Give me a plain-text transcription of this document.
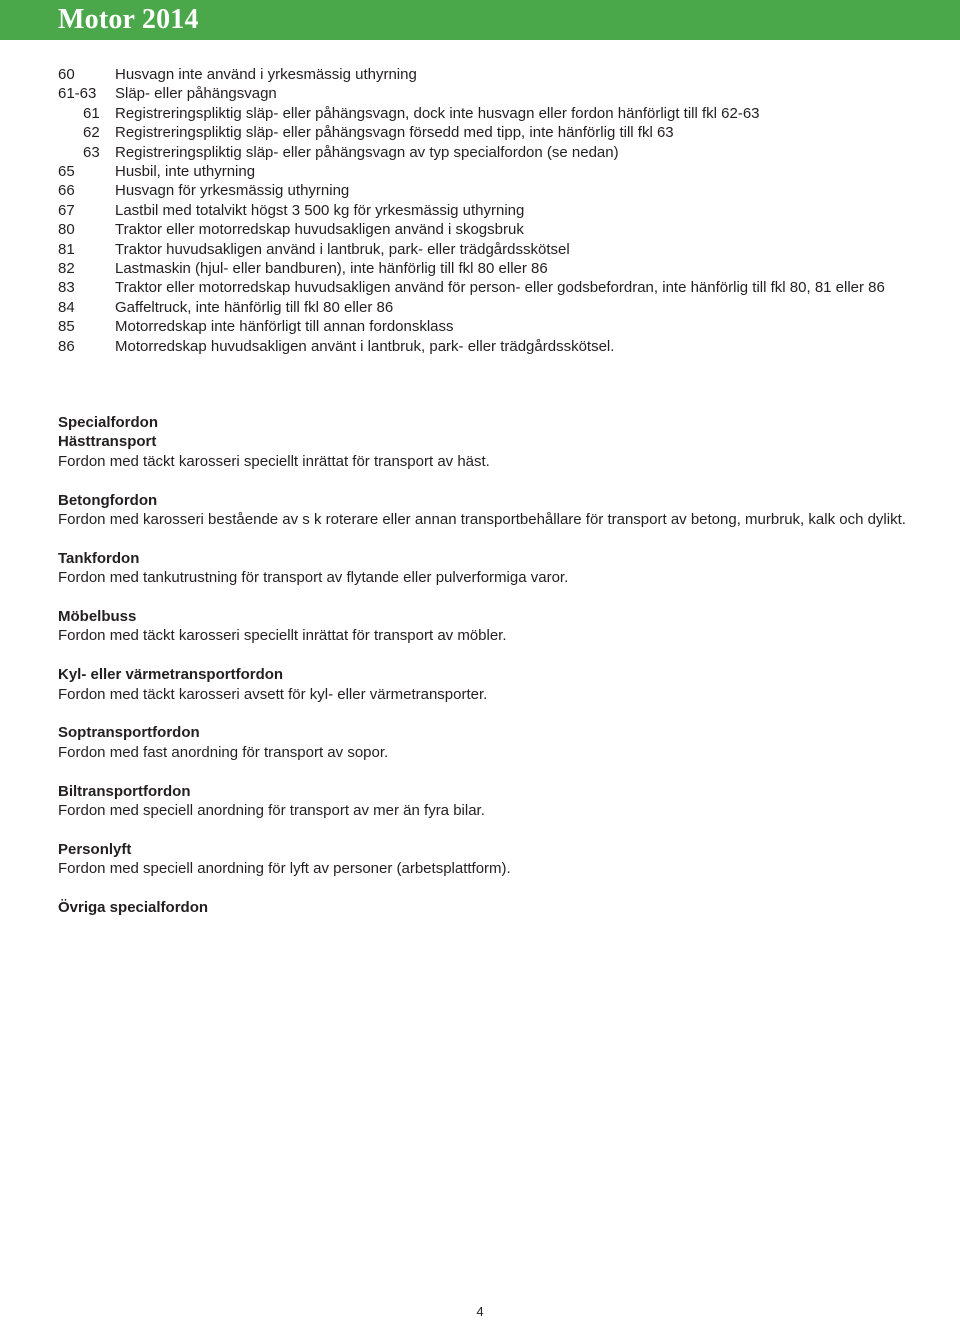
Motor 2014
60	Husvagn inte använd i yrkesmässig uthyrning
61-63	Släp- eller påhängsvagn
61	Registreringspliktig släp- eller påhängsvagn, dock inte husvagn eller fordon hänförligt till fkl 62-63
62	Registreringspliktig släp- eller påhängsvagn försedd med tipp, inte hänförlig till fkl 63
63	Registreringspliktig släp- eller påhängsvagn av typ specialfordon (se nedan)
65	Husbil, inte uthyrning
66	Husvagn för yrkesmässig uthyrning
67	Lastbil med totalvikt högst 3 500 kg för yrkesmässig uthyrning
80	Traktor eller motorredskap huvudsakligen använd i skogsbruk
81	Traktor huvudsakligen använd i lantbruk, park- eller trädgårdsskötsel
82	Lastmaskin (hjul- eller bandburen), inte hänförlig till fkl 80 eller 86
83	Traktor eller motorredskap huvudsakligen använd för person- eller godsbefordran, inte hänförlig till fkl 80, 81 eller 86
84	Gaffeltruck, inte hänförlig till fkl 80 eller 86
85	Motorredskap inte hänförligt till annan fordonsklass
86	Motorredskap huvudsakligen använt i lantbruk, park- eller trädgårdsskötsel.
Specialfordon
Hästtransport
Fordon med täckt karosseri speciellt inrättat för transport av häst.
Betongfordon
Fordon med karosseri bestående av s k roterare eller annan transportbehållare för transport av betong, murbruk, kalk och dylikt.
Tankfordon
Fordon med tankutrustning för transport av flytande eller pulverformiga varor.
Möbelbuss
Fordon med täckt karosseri speciellt inrättat för transport av möbler.
Kyl- eller värmetransportfordon
Fordon med täckt karosseri avsett för kyl- eller värmetransporter.
Soptransportfordon
Fordon med fast anordning för transport av sopor.
Biltransportfordon
Fordon med speciell anordning för transport av mer än fyra bilar.
Personlyft
Fordon med speciell anordning för lyft av personer (arbetsplattform).
Övriga specialfordon
4
